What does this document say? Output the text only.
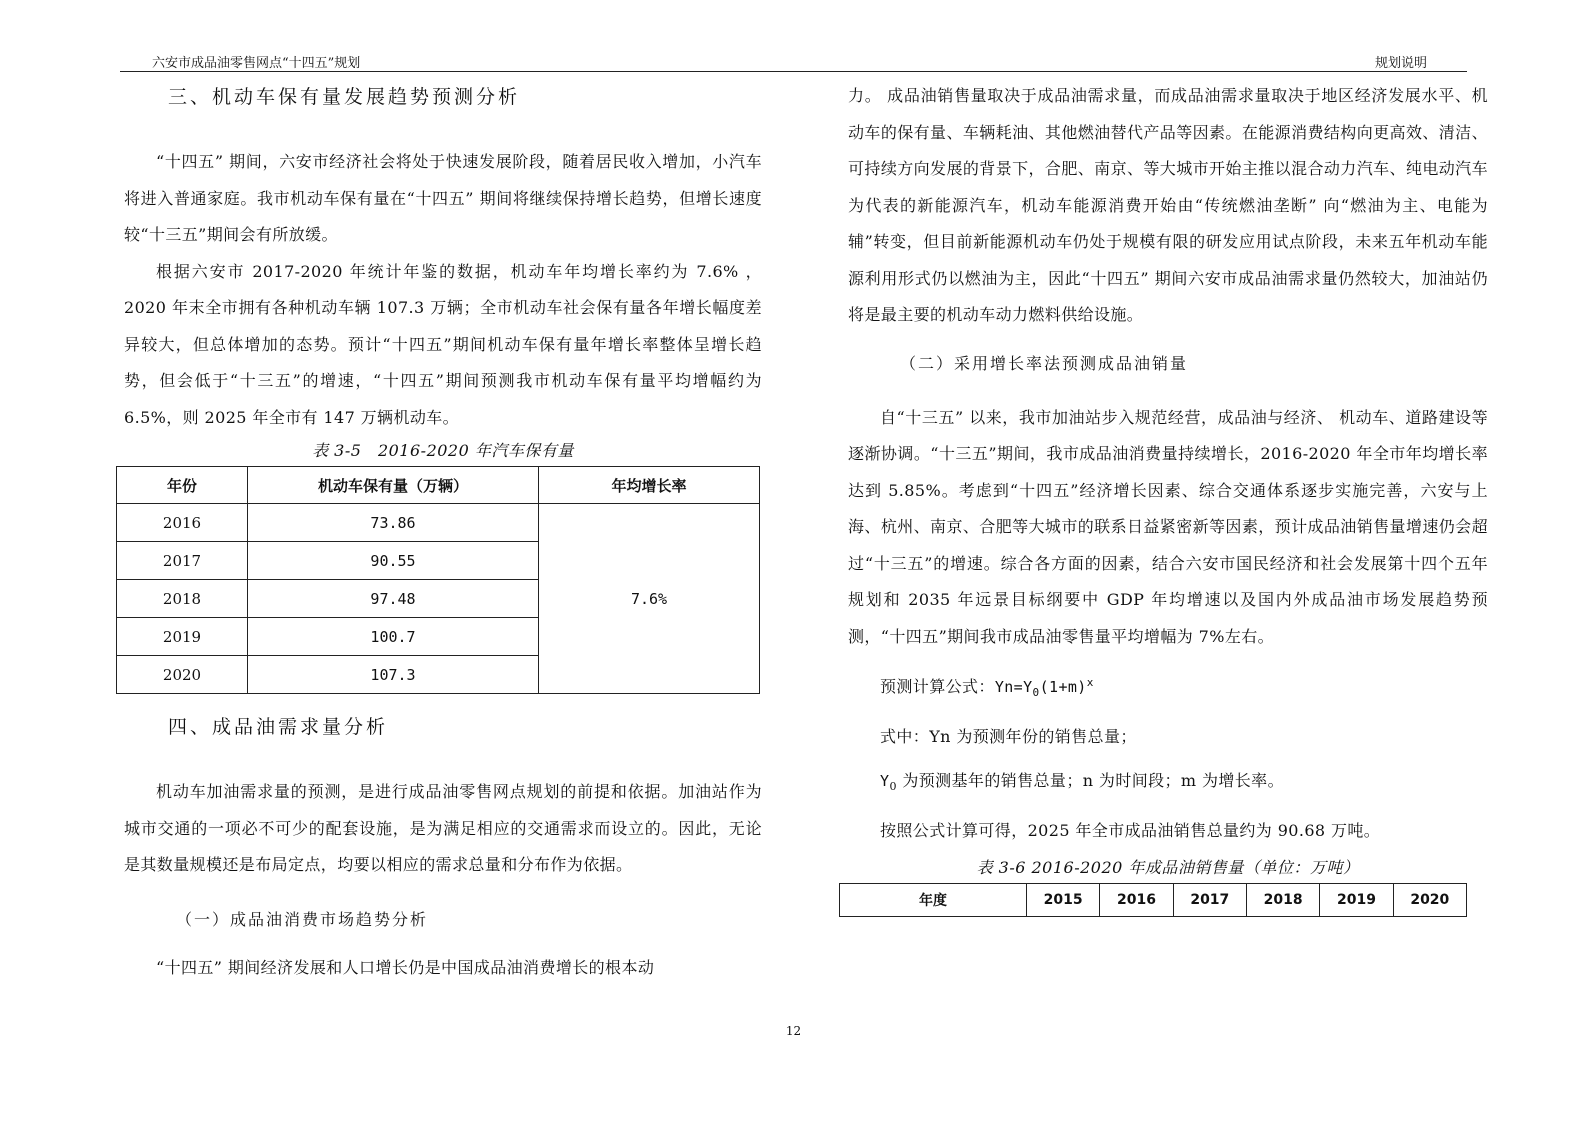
六安市成品油零售网点“十四五”规划	规划说明
三、机动车保有量发展趋势预测分析

“十四五” 期间，六安市经济社会将处于快速发展阶段，随着居民收入增加，小汽车将进入普通家庭。我市机动车保有量在“十四五” 期间将继续保持增长趋势，但增长速度较“十三五”期间会有所放缓。

根据六安市 2017-2020 年统计年鉴的数据，机动车年均增长率约为 7.6% ，2020 年末全市拥有各种机动车辆 107.3 万辆；全市机动车社会保有量各年增长幅度差异较大，但总体增加的态势。预计“十四五”期间机动车保有量年增长率整体呈增长趋势，但会低于“十三五”的增速，“十四五”期间预测我市机动车保有量平均增幅约为 6.5%，则 2025 年全市有 147 万辆机动车。

表 3-5　2016-2020 年汽车保有量
年份	机动车保有量（万辆）	年均增长率
2016	73.86	7.6%
2017	90.55	
2018	97.48	
2019	100.7	
2020	107.3	
四、成品油需求量分析

机动车加油需求量的预测，是进行成品油零售网点规划的前提和依据。加油站作为城市交通的一项必不可少的配套设施，是为满足相应的交通需求而设立的。因此，无论是其数量规模还是布局定点，均要以相应的需求总量和分布作为依据。

（一）成品油消费市场趋势分析

“十四五” 期间经济发展和人口增长仍是中国成品油消费增长的根本动

力。 成品油销售量取决于成品油需求量，而成品油需求量取决于地区经济发展水平、机动车的保有量、车辆耗油、其他燃油替代产品等因素。在能源消费结构向更高效、清洁、可持续方向发展的背景下，合肥、南京、等大城市开始主推以混合动力汽车、纯电动汽车为代表的新能源汽车，机动车能源消费开始由“传统燃油垄断” 向“燃油为主、电能为辅”转变，但目前新能源机动车仍处于规模有限的研发应用试点阶段，未来五年机动车能源利用形式仍以燃油为主，因此“十四五” 期间六安市成品油需求量仍然较大，加油站仍将是最主要的机动车动力燃料供给设施。

（二）采用增长率法预测成品油销量

自“十三五” 以来，我市加油站步入规范经营，成品油与经济、 机动车、道路建设等逐渐协调。“十三五”期间，我市成品油消费量持续增长，2016-2020 年全市年均增长率达到 5.85%。考虑到“十四五”经济增长因素、综合交通体系逐步实施完善，六安与上海、杭州、南京、合肥等大城市的联系日益紧密新等因素，预计成品油销售量增速仍会超过“十三五”的增速。综合各方面的因素，结合六安市国民经济和社会发展第十四个五年规划和 2035 年远景目标纲要中 GDP 年均增速以及国内外成品油市场发展趋势预测，“十四五”期间我市成品油零售量平均增幅为 7%左右。

预测计算公式：$Yn=Y_0(1+m)^x$

式中：Yn 为预测年份的销售总量；

$Y_0$ 为预测基年的销售总量；n 为时间段；m 为增长率。

按照公式计算可得，2025 年全市成品油销售总量约为 90.68 万吨。

表 3-6 2016-2020 年成品油销售量（单位：万吨）
年度	2015	2016	2017	2018	2019	2020
12
